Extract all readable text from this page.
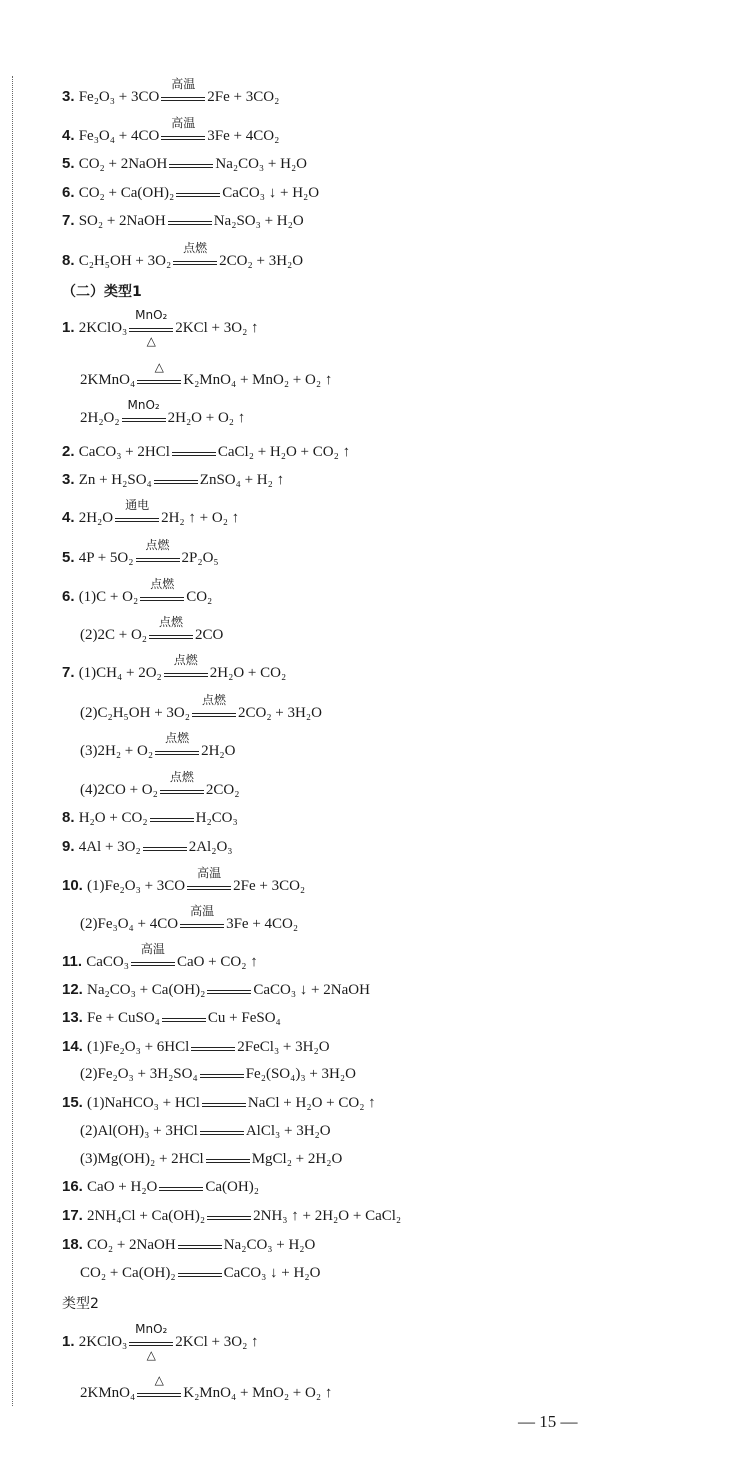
3. Fe₂O₃ + 3CO
高温
2Fe + 3CO₂
4. Fe₃O₄ + 4CO
高温
3Fe + 4CO₂
5. CO₂ + 2NaOH	Na₂CO₃ + H₂O
6. CO₂ + Ca(OH)₂	CaCO₃ ↓ + H₂O
7. SO₂ + 2NaOH	Na₂SO₃ + H₂O
8. C₂H₅OH + 3O₂
点燃
2CO₂ + 3H₂O
1. 2KClO₃
MnO₂
△
2KCl + 3O₂ ↑
2KMnO₄
△
K₂MnO₄ + MnO₂ + O₂ ↑
2H₂O₂
MnO₂
2H₂O + O₂ ↑
2. CaCO₃ + 2HCl	CaCl₂ + H₂O + CO₂ ↑
3. Zn + H₂SO₄	ZnSO₄ + H₂ ↑
4. 2H₂O
通电
2H₂ ↑ + O₂ ↑
5. 4P + 5O₂
点燃
2P₂O₅
6. (1)C + O₂
点燃
CO₂
(2)2C + O₂
点燃
2CO
7. (1)CH₄ + 2O₂
点燃
2H₂O + CO₂
(2)C₂H₅OH + 3O₂
点燃
2CO₂ + 3H₂O
(3)2H₂ + O₂
点燃
2H₂O
(4)2CO + O₂
点燃
2CO₂
8. H₂O + CO₂	H₂CO₃
9. 4Al + 3O₂	2Al₂O₃
10. (1)Fe₂O₃ + 3CO
高温
2Fe + 3CO₂
(2)Fe₃O₄ + 4CO
高温
3Fe + 4CO₂
11. CaCO₃
高温
CaO + CO₂ ↑
12. Na₂CO₃ + Ca(OH)₂	CaCO₃ ↓ + 2NaOH
13. Fe + CuSO₄	Cu + FeSO₄
14. (1)Fe₂O₃ + 6HCl	2FeCl₃ + 3H₂O
(2)Fe₂O₃ + 3H₂SO₄	Fe₂(SO₄)₃ + 3H₂O
15. (1)NaHCO₃ + HCl	NaCl + H₂O + CO₂ ↑
(2)Al(OH)₃ + 3HCl	AlCl₃ + 3H₂O
(3)Mg(OH)₂ + 2HCl	MgCl₂ + 2H₂O
16. CaO + H₂O	Ca(OH)₂
17. 2NH₄Cl + Ca(OH)₂	2NH₃ ↑ + 2H₂O + CaCl₂
18. CO₂ + 2NaOH	Na₂CO₃ + H₂O
CO₂ + Ca(OH)₂	CaCO₃ ↓ + H₂O
1. 2KClO₃
MnO₂
△
2KCl + 3O₂ ↑
2KMnO₄
△
K₂MnO₄ + MnO₂ + O₂ ↑
（二）类型1
类型2
— 15 —
